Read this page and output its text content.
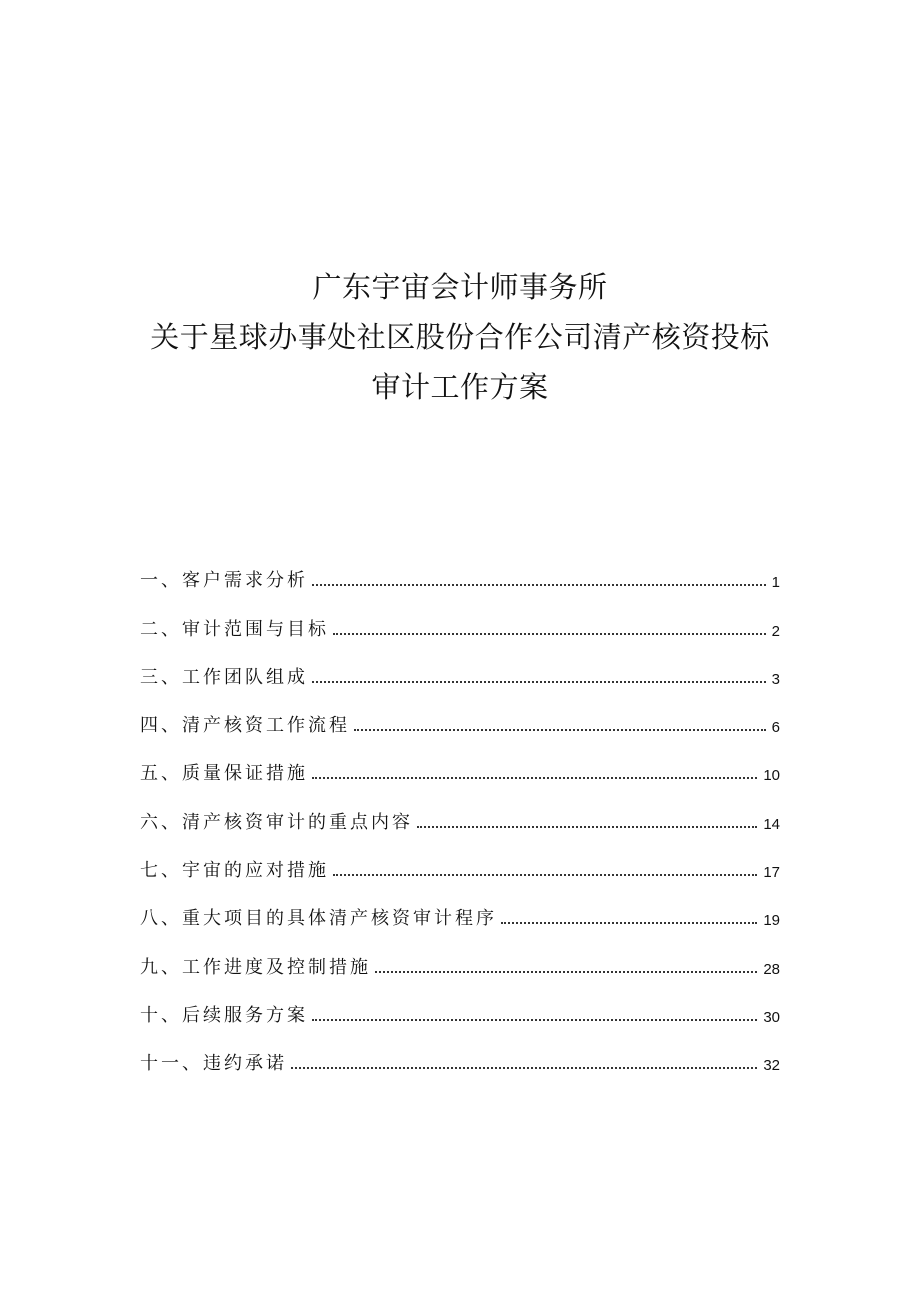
广东宇宙会计师事务所
关于星球办事处社区股份合作公司清产核资投标
审计工作方案
一、客户需求分析	1
二、审计范围与目标	2
三、工作团队组成	3
四、清产核资工作流程	6
五、质量保证措施	10
六、清产核资审计的重点内容	14
七、宇宙的应对措施	17
八、重大项目的具体清产核资审计程序	19
九、工作进度及控制措施	28
十、后续服务方案	30
十一、违约承诺	32
